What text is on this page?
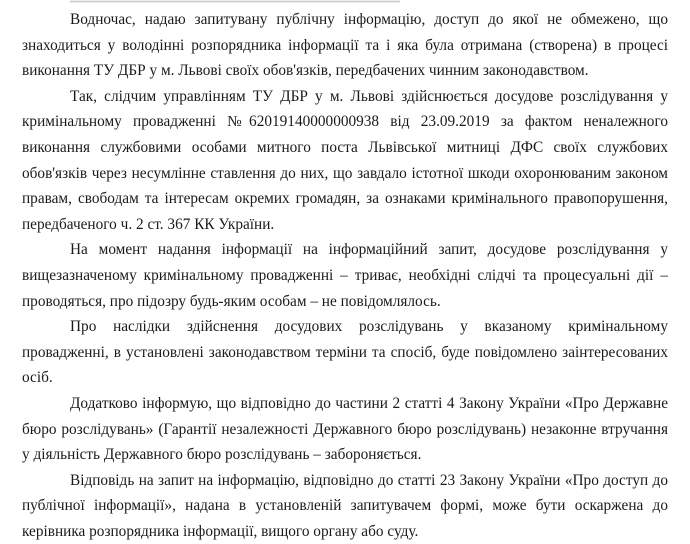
Водночас, надаю запитувану публічну інформацію, доступ до якої не обмежено, що знаходиться у володінні розпорядника інформації та і яка була отримана (створена) в процесі виконання ТУ ДБР у м. Львові своїх обов'язків, передбачених чинним законодавством.

Так, слідчим управлінням ТУ ДБР у м. Львові здійснюється досудове розслідування у кримінальному провадженні №62019140000000938 від 23.09.2019 за фактом неналежного виконання службовими особами митного поста Львівської митниці ДФС своїх службових обов'язків через несумлінне ставлення до них, що завдало істотної шкоди охоронюваним законом правам, свободам та інтересам окремих громадян, за ознаками кримінального правопорушення, передбаченого ч. 2 ст. 367 КК України.

На момент надання інформації на інформаційний запит, досудове розслідування у вищезазначеному кримінальному провадженні – триває, необхідні слідчі та процесуальні дії – проводяться, про підозру будь-яким особам – не повідомлялось.

Про наслідки здійснення досудових розслідувань у вказаному кримінальному провадженні, в установлені законодавством терміни та спосіб, буде повідомлено заінтересованих осіб.

Додатково інформую, що відповідно до частини 2 статті 4 Закону України «Про Державне бюро розслідувань» (Гарантії незалежності Державного бюро розслідувань) незаконне втручання у діяльність Державного бюро розслідувань – забороняється.

Відповідь на запит на інформацію, відповідно до статті 23 Закону України «Про доступ до публічної інформації», надана в установленій запитувачем формі, може бути оскаржена до керівника розпорядника інформації, вищого органу або суду.
